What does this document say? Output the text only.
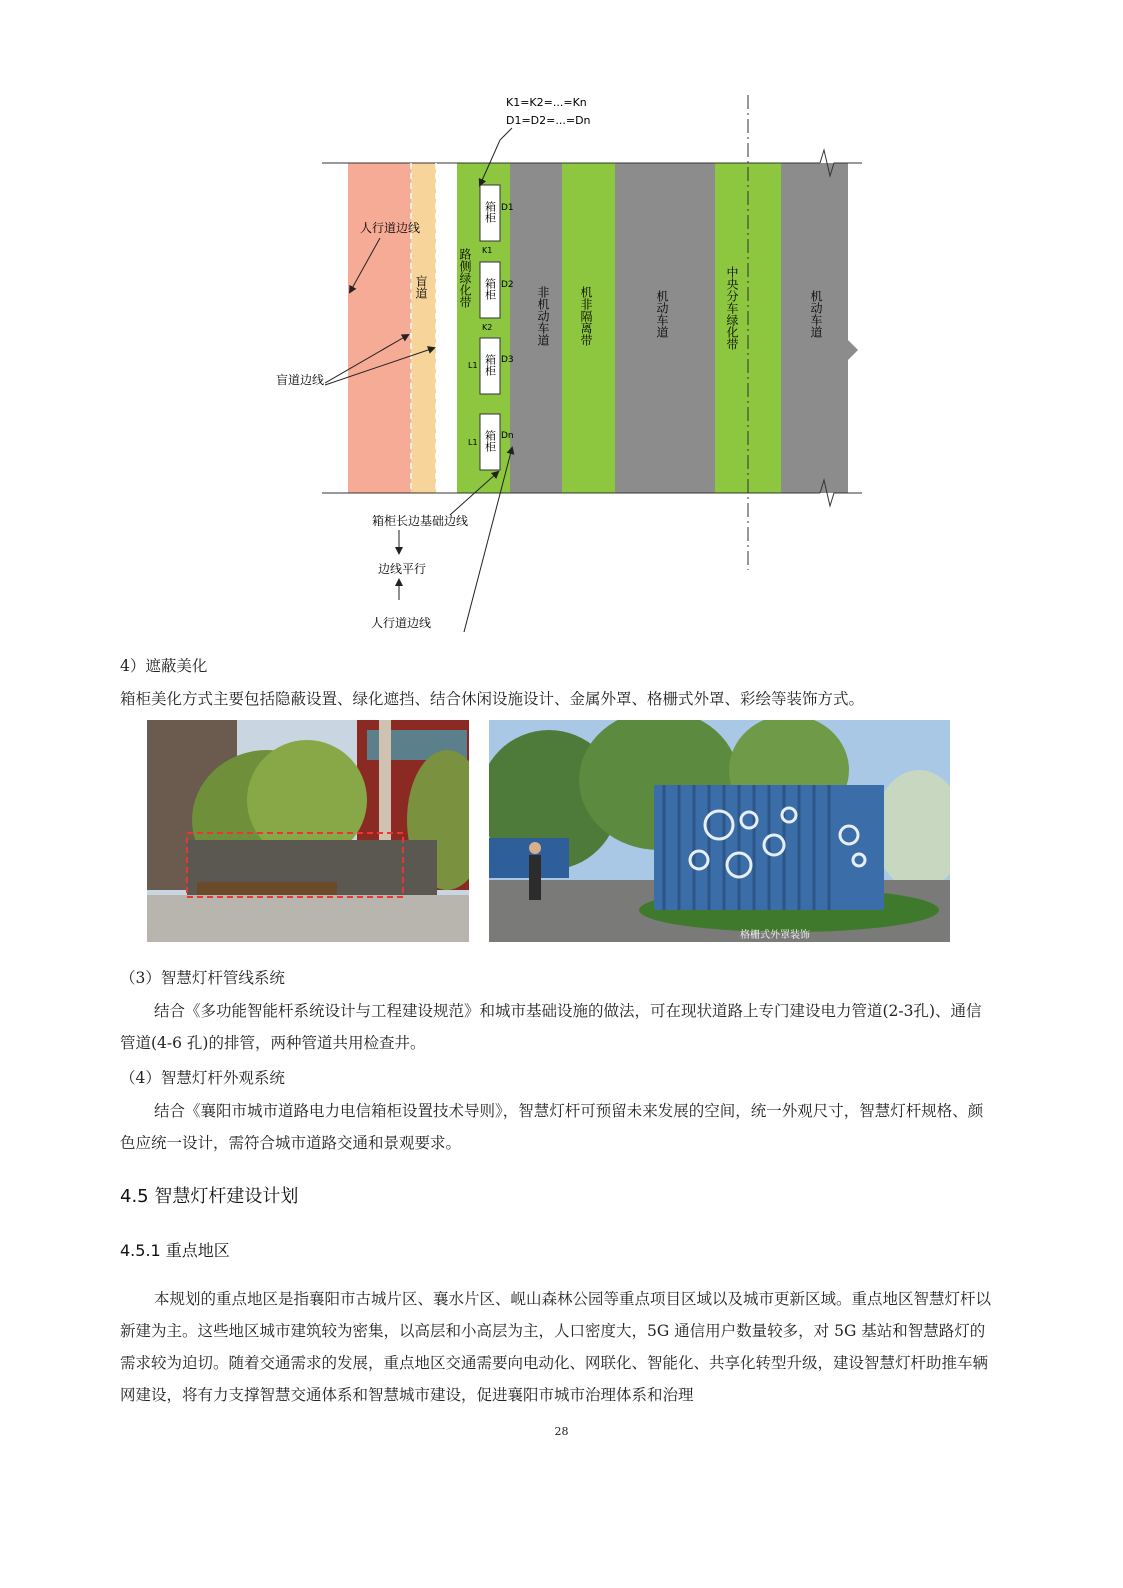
箱柜
箱柜
箱柜
箱柜
D1
D2
D3
Dn
K1
K2
L1
L1
K1=K2=...=Kn
D1=D2=...=Dn
盲道	路侧绿化带
非机动车道 机非隔离带	机动车道	中央分车绿化带	机动车道
人行道边线
盲道边线
箱柜长边基础边线
边线平行
人行道边线

4）遮蔽美化

箱柜美化方式主要包括隐蔽设置、绿化遮挡、结合休闲设施设计、金属外罩、格栅式外罩、彩绘等装饰方式。

格栅式外罩装饰

（3）智慧灯杆管线系统

结合《多功能智能杆系统设计与工程建设规范》和城市基础设施的做法，可在现状道路上专门建设电力管道(2-3孔)、通信管道(4-6 孔)的排管，两种管道共用检查井。

（4）智慧灯杆外观系统

结合《襄阳市城市道路电力电信箱柜设置技术导则》，智慧灯杆可预留未来发展的空间，统一外观尺寸，智慧灯杆规格、颜色应统一设计，需符合城市道路交通和景观要求。

4.5 智慧灯杆建设计划
4.5.1 重点地区

本规划的重点地区是指襄阳市古城片区、襄水片区、岘山森林公园等重点项目区域以及城市更新区域。重点地区智慧灯杆以新建为主。这些地区城市建筑较为密集，以高层和小高层为主，人口密度大，5G 通信用户数量较多，对 5G 基站和智慧路灯的需求较为迫切。随着交通需求的发展，重点地区交通需要向电动化、网联化、智能化、共享化转型升级，建设智慧灯杆助推车辆网建设，将有力支撑智慧交通体系和智慧城市建设，促进襄阳市城市治理体系和治理

28
